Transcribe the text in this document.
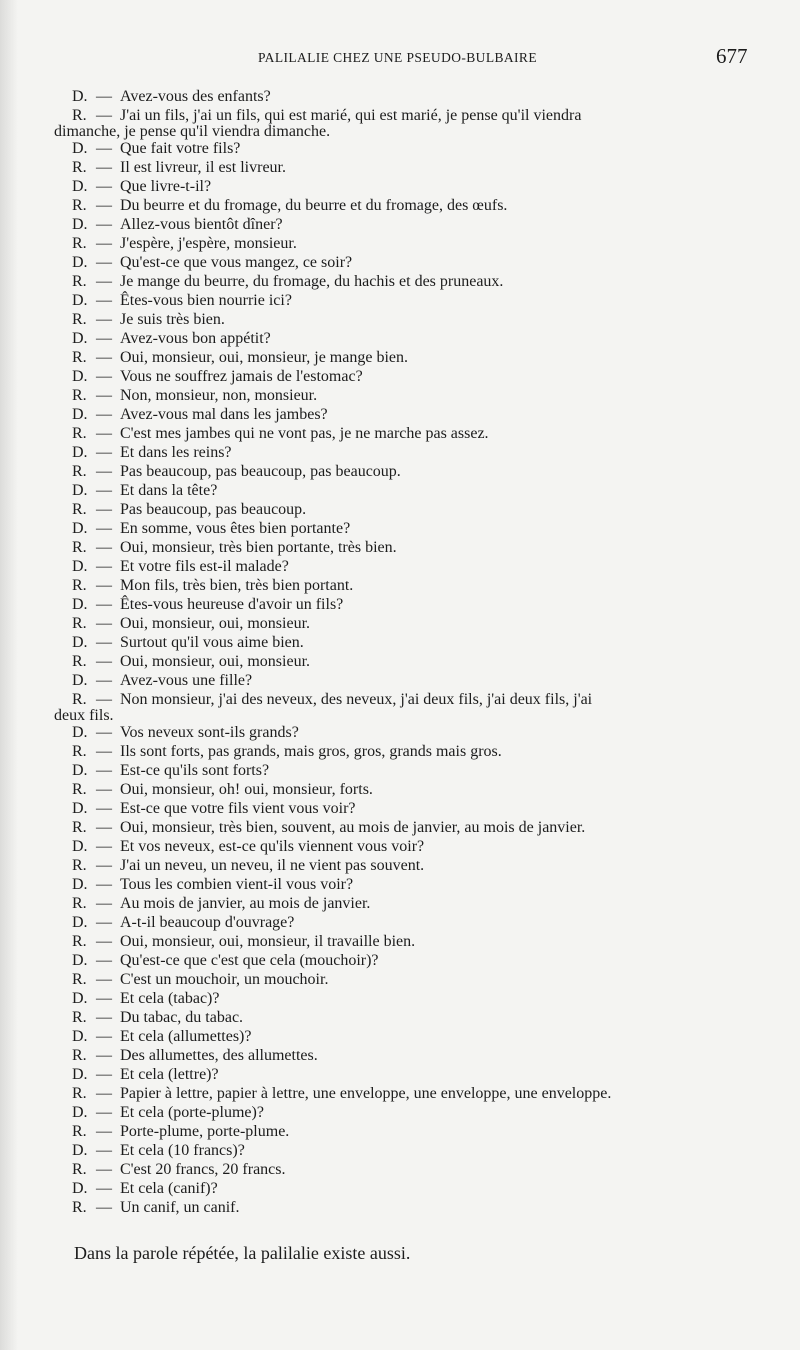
PALILALIE CHEZ UNE PSEUDO-BULBAIRE	677
D. — Avez-vous des enfants?
R. — J'ai un fils, j'ai un fils, qui est marié, qui est marié, je pense qu'il viendra
dimanche, je pense qu'il viendra dimanche.
D. — Que fait votre fils?
R. — Il est livreur, il est livreur.
D. — Que livre-t-il?
R. — Du beurre et du fromage, du beurre et du fromage, des œufs.
D. — Allez-vous bientôt dîner?
R. — J'espère, j'espère, monsieur.
D. — Qu'est-ce que vous mangez, ce soir?
R. — Je mange du beurre, du fromage, du hachis et des pruneaux.
D. — Êtes-vous bien nourrie ici?
R. — Je suis très bien.
D. — Avez-vous bon appétit?
R. — Oui, monsieur, oui, monsieur, je mange bien.
D. — Vous ne souffrez jamais de l'estomac?
R. — Non, monsieur, non, monsieur.
D. — Avez-vous mal dans les jambes?
R. — C'est mes jambes qui ne vont pas, je ne marche pas assez.
D. — Et dans les reins?
R. — Pas beaucoup, pas beaucoup, pas beaucoup.
D. — Et dans la tête?
R. — Pas beaucoup, pas beaucoup.
D. — En somme, vous êtes bien portante?
R. — Oui, monsieur, très bien portante, très bien.
D. — Et votre fils est-il malade?
R. — Mon fils, très bien, très bien portant.
D. — Êtes-vous heureuse d'avoir un fils?
R. — Oui, monsieur, oui, monsieur.
D. — Surtout qu'il vous aime bien.
R. — Oui, monsieur, oui, monsieur.
D. — Avez-vous une fille?
R. — Non monsieur, j'ai des neveux, des neveux, j'ai deux fils, j'ai deux fils, j'ai
deux fils.
D. — Vos neveux sont-ils grands?
R. — Ils sont forts, pas grands, mais gros, gros, grands mais gros.
D. — Est-ce qu'ils sont forts?
R. — Oui, monsieur, oh! oui, monsieur, forts.
D. — Est-ce que votre fils vient vous voir?
R. — Oui, monsieur, très bien, souvent, au mois de janvier, au mois de janvier.
D. — Et vos neveux, est-ce qu'ils viennent vous voir?
R. — J'ai un neveu, un neveu, il ne vient pas souvent.
D. — Tous les combien vient-il vous voir?
R. — Au mois de janvier, au mois de janvier.
D. — A-t-il beaucoup d'ouvrage?
R. — Oui, monsieur, oui, monsieur, il travaille bien.
D. — Qu'est-ce que c'est que cela (mouchoir)?
R. — C'est un mouchoir, un mouchoir.
D. — Et cela (tabac)?
R. — Du tabac, du tabac.
D. — Et cela (allumettes)?
R. — Des allumettes, des allumettes.
D. — Et cela (lettre)?
R. — Papier à lettre, papier à lettre, une enveloppe, une enveloppe, une enveloppe.
D. — Et cela (porte-plume)?
R. — Porte-plume, porte-plume.
D. — Et cela (10 francs)?
R. — C'est 20 francs, 20 francs.
D. — Et cela (canif)?
R. — Un canif, un canif.

Dans la parole répétée, la palilalie existe aussi.
